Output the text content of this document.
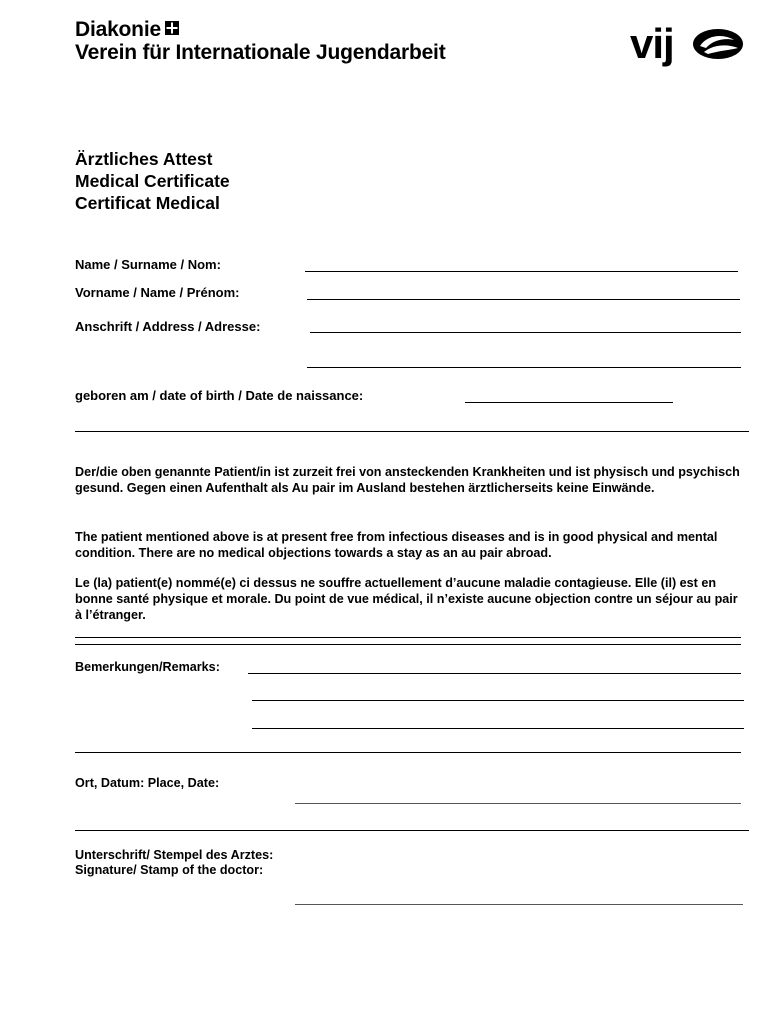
Diakonie
Verein für Internationale Jugendarbeit	vij
Ärztliches Attest
Medical Certificate
Certificat Medical
Name / Surname / Nom:
Vorname / Name / Prénom:
Anschrift / Address / Adresse:
geboren am / date of birth / Date de naissance:
Der/die oben genannte Patient/in ist zurzeit frei von ansteckenden Krankheiten und ist physisch und psychisch gesund. Gegen einen Aufenthalt als Au pair im Ausland bestehen ärztlicherseits keine Einwände.
The patient mentioned above is at present free from infectious diseases and is in good physical and mental condition. There are no medical objections towards a stay as an au pair abroad.
Le (la) patient(e) nommé(e) ci dessus ne souffre actuellement d’aucune maladie contagieuse. Elle (il) est en bonne santé physique et morale. Du point de vue médical, il n’existe aucune objection contre un séjour au pair à l’étranger.
Bemerkungen/Remarks:
Ort, Datum: Place, Date:
Unterschrift/ Stempel des Arztes:
Signature/ Stamp of the doctor:
